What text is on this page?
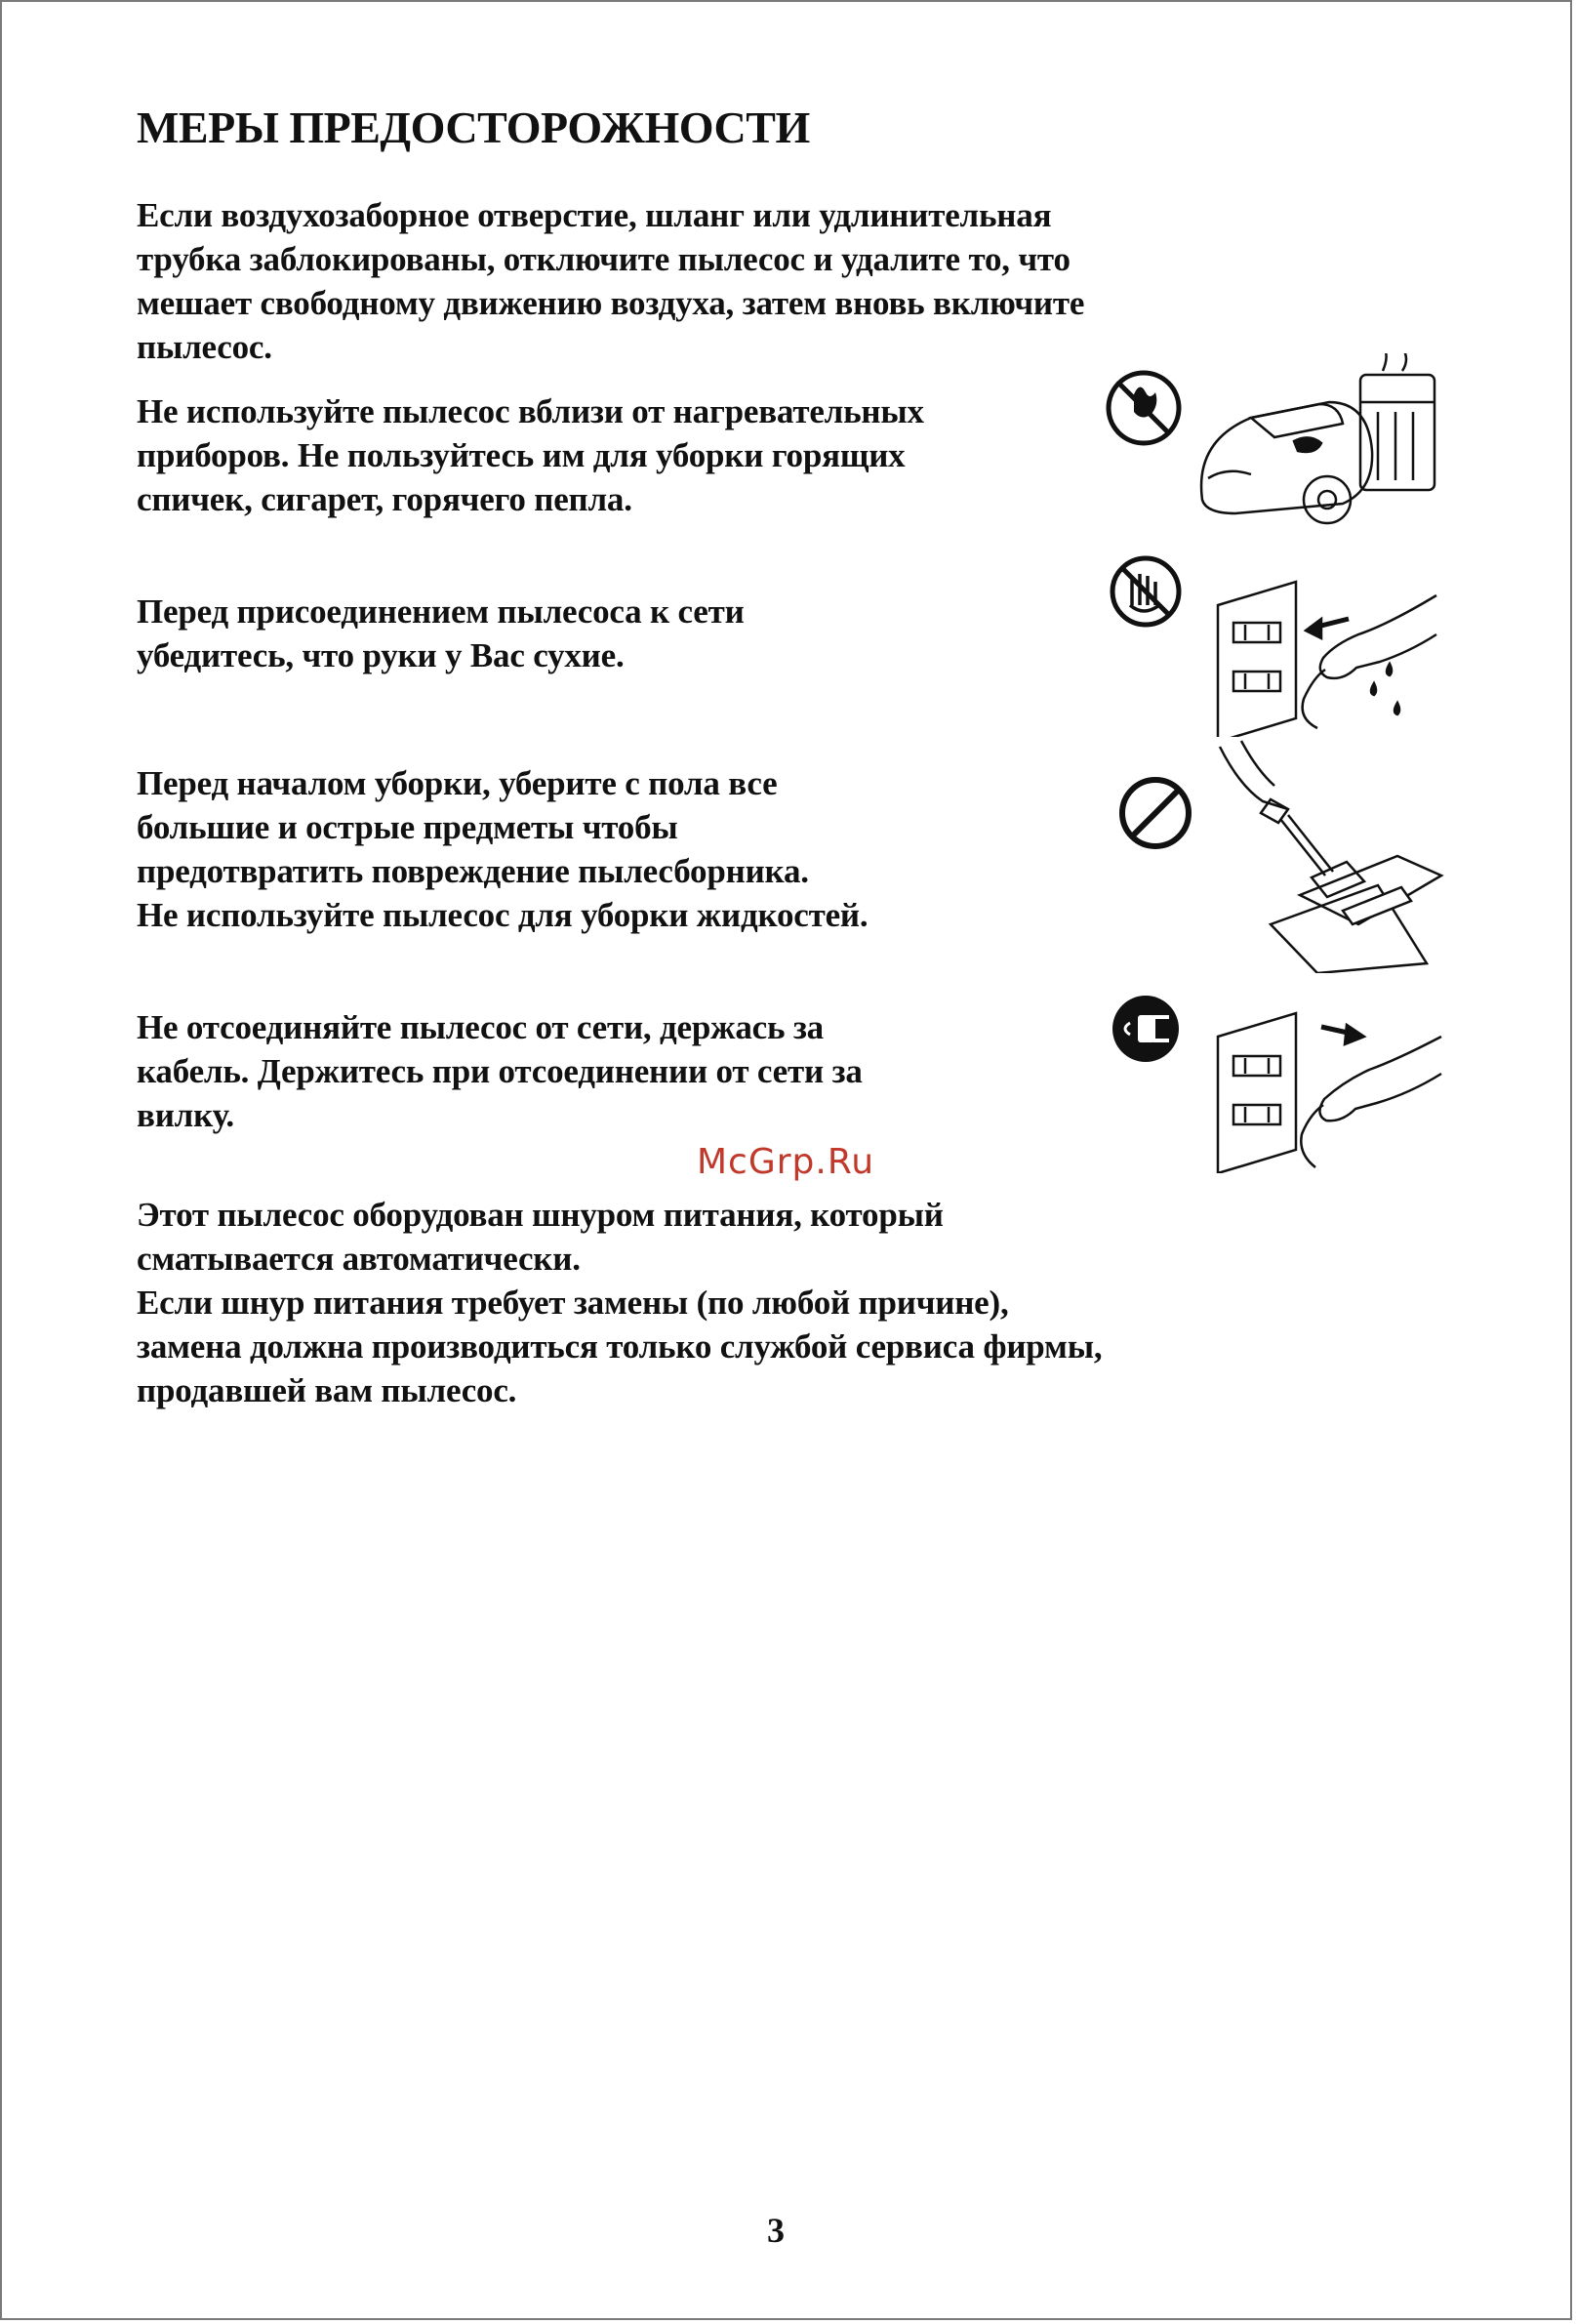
МЕРЫ ПРЕДОСТОРОЖНОСТИ

Если воздухозаборное отверстие, шланг или удлинительная
трубка заблокированы, отключите пылесос и удалите то, что
мешает свободному движению воздуха, затем вновь включите
пылесос.

Не используйте пылесос вблизи от нагревательных
приборов. Не пользуйтесь им для уборки горящих
спичек, сигарет, горячего пепла.

Перед присоединением пылесоса к сети
убедитесь, что руки у Вас сухие.

Перед началом уборки, уберите с пола все
большие и острые предметы чтобы
предотвратить повреждение пылесборника.
Не используйте пылесос для уборки жидкостей.

Не отсоединяйте пылесос от сети, держась за
кабель. Держитесь при отсоединении от сети за
вилку.

Этот пылесос оборудован шнуром питания, который
сматывается автоматически.
Если шнур питания требует замены (по любой причине),
замена должна производиться только службой сервиса фирмы,
продавшей вам пылесос.

McGrp.Ru
3
